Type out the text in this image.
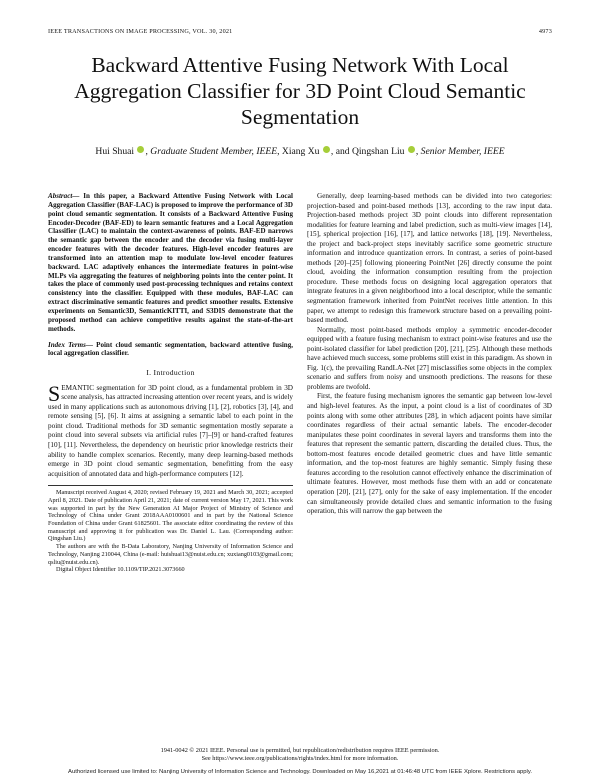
IEEE TRANSACTIONS ON IMAGE PROCESSING, VOL. 30, 2021	4973
Backward Attentive Fusing Network With Local Aggregation Classifier for 3D Point Cloud Semantic Segmentation
Hui Shuai , Graduate Student Member, IEEE, Xiang Xu , and Qingshan Liu , Senior Member, IEEE
Abstract— In this paper, a Backward Attentive Fusing Network with Local Aggregation Classifier (BAF-LAC) is proposed to improve the performance of 3D point cloud semantic segmentation. It consists of a Backward Attentive Fusing Encoder-Decoder (BAF-ED) to learn semantic features and a Local Aggregation Classifier (LAC) to maintain the context-awareness of points. BAF-ED narrows the semantic gap between the encoder and the decoder via fusing multi-layer encoder features with the decoder features. High-level encoder features are transformed into an attention map to modulate low-level encoder features backward. LAC adaptively enhances the intermediate features in point-wise MLPs via aggregating the features of neighboring points into the center point. It takes the place of commonly used post-processing techniques and retains context consistency into the classifier. Equipped with these modules, BAF-LAC can extract discriminative semantic features and predict smoother results. Extensive experiments on Semantic3D, SemanticKITTI, and S3DIS demonstrate that the proposed method can achieve competitive results against the state-of-the-art methods.
Index Terms— Point cloud semantic segmentation, backward attentive fusing, local aggregation classifier.
I. Introduction

SEMANTIC segmentation for 3D point cloud, as a fundamental problem in 3D scene analysis, has attracted increasing attention over recent years, and is widely used in many applications such as autonomous driving [1], [2], robotics [3], [4], and remote sensing [5], [6]. It aims at assigning a semantic label to each point in the point cloud. Traditional methods for 3D semantic segmentation mostly separate a point cloud into several subsets via artificial rules [7]–[9] or hand-crafted features [10], [11]. Nevertheless, the dependency on heuristic prior knowledge restricts their ability to handle complex scenarios. Recently, many deep learning-based methods emerge in 3D point cloud semantic segmentation, benefitting from the easy acquisition of annotated data and high-performance computers [12].

Manuscript received August 4, 2020; revised February 19, 2021 and March 30, 2021; accepted April 8, 2021. Date of publication April 21, 2021; date of current version May 17, 2021. This work was supported in part by the New Generation AI Major Project of Ministry of Science and Technology of China under Grant 2018AAA0100601 and in part by the National Science Foundation of China under Grant 61825601. The associate editor coordinating the review of this manuscript and approving it for publication was Dr. Daniel L. Lau. (Corresponding author: Qingshan Liu.)

The authors are with the B-Data Laboratory, Nanjing University of Information Science and Technology, Nanjing 210044, China (e-mail: huishuai13@nuist.edu.cn; xuxiang0103@gmail.com; qsliu@nuist.edu.cn).

Digital Object Identifier 10.1109/TIP.2021.3073660

Generally, deep learning-based methods can be divided into two categories: projection-based and point-based methods [13], according to the raw input data. Projection-based methods project 3D point clouds into different representation modalities for feature learning and label prediction, such as multi-view images [14], [15], spherical projection [16], [17], and lattice networks [18], [19]. Nevertheless, the project and back-project steps inevitably sacrifice some geometric structure information and introduce quantization errors. In contrast, a series of point-based methods [20]–[25] following pioneering PointNet [26] directly consume the point cloud, avoiding the information consumption resulting from the projection procedure. These methods focus on designing local aggregation operators that integrate features in a given neighborhood into a local descriptor, while the semantic segmentation framework inherited from PointNet receives little attention. In this paper, we attempt to redesign this framework structure based on a prevailing point-based method.

Normally, most point-based methods employ a symmetric encoder-decoder equipped with a feature fusing mechanism to extract point-wise features and use the point-isolated classifier for label prediction [20], [21], [25]. Although these methods have achieved much success, some problems still exist in this paradigm. As shown in Fig. 1(c), the prevailing RandLA-Net [27] misclassifies some objects in the complex scenario and suffers from noisy and unsmooth predictions. The reasons for these problems are twofold.

First, the feature fusing mechanism ignores the semantic gap between low-level and high-level features. As the input, a point cloud is a list of coordinates of 3D points along with some other attributes [28], in which adjacent points have similar coordinates regardless of their actual semantic labels. The encoder-decoder manipulates these point coordinates in several layers and transforms them into the features that represent the semantic pattern, discarding the detailed clues. Thus, the bottom-most features encode detailed geometric clues and have little semantic information, and the top-most features are highly semantic. Simply fusing these features according to the resolution cannot effectively enhance the discrimination of ultimate features. However, most methods fuse them with an add or concatenate operation [20], [21], [27], only for the sake of easy implementation. If the encoder can simultaneously provide detailed clues and semantic information to the fusing operation, this will narrow the gap between the

1941-0042 © 2021 IEEE. Personal use is permitted, but republication/redistribution requires IEEE permission.
See https://www.ieee.org/publications/rights/index.html for more information.
Authorized licensed use limited to: Nanjing University of Information Science and Technology. Downloaded on May 16,2021 at 01:46:48 UTC from IEEE Xplore. Restrictions apply.
